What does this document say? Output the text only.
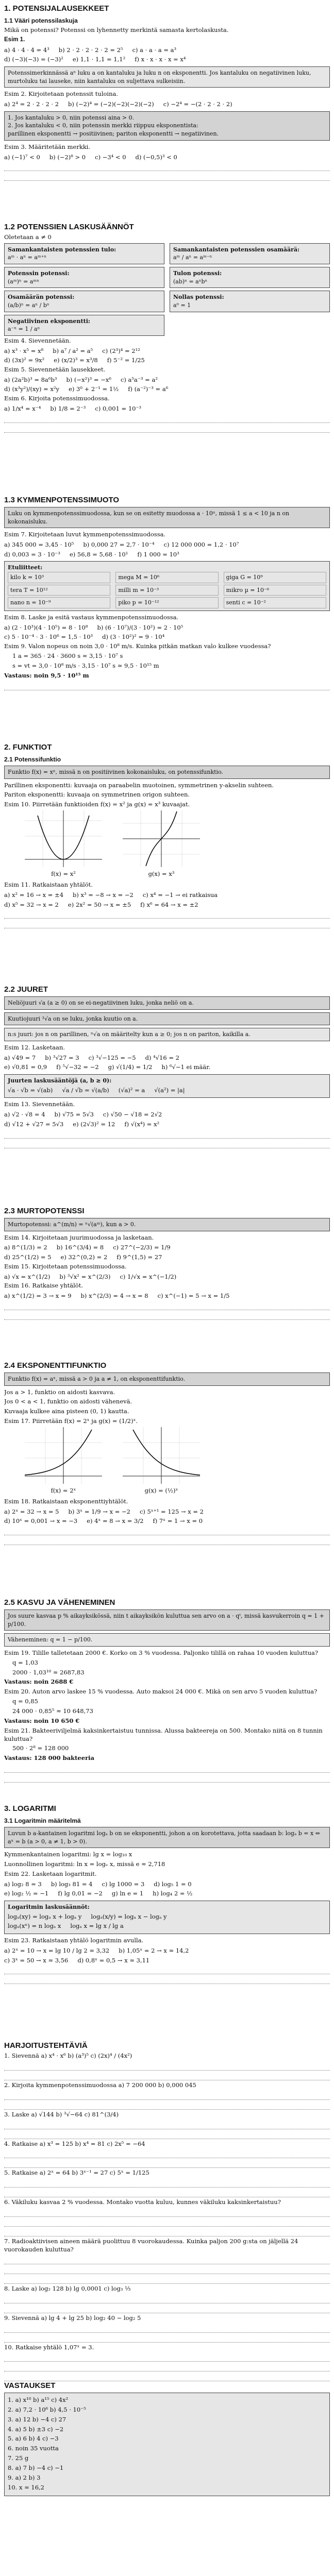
1. POTENSIJALAUSEKKEET
1.1 Vääri potenssilaskuja
Mikä on potenssi? Potenssi on lyhennetty merkintä samasta kertolaskusta.
Esim 1.
a) 4 · 4 · 4 = 4³ b) 2 · 2 · 2 · 2 · 2 = 2⁵ c) a · a · a = a³
d) (−3)(−3) = (−3)² e) 1,1 · 1,1 = 1,1² f) x · x · x · x = x⁴
Potenssimerkinnässä aⁿ luku a on kantaluku ja luku n on eksponentti. Jos kantaluku on negatiivinen luku, murtoluku tai lauseke, niin kantaluku on suljettava sulkeisiin.
Esim 2. Kirjoitetaan potenssit tuloina.
a) 2⁴ = 2 · 2 · 2 · 2 b) (−2)⁴ = (−2)(−2)(−2)(−2) c) −2⁴ = −(2 · 2 · 2 · 2)
1. Jos kantaluku > 0, niin potenssi aina > 0.
2. Jos kantaluku < 0, niin potenssin merkki riippuu eksponentista:
parillinen eksponentti → positiivinen; pariton eksponentti → negatiivinen.
Esim 3. Määritetään merkki.
a) (−1)⁷ < 0 b) (−2)⁸ > 0 c) −3⁴ < 0 d) (−0,5)³ < 0
1.2 POTENSSIEN LASKUSÄÄNNÖT
Oletetaan a ≠ 0
Samankantaisten potenssien tulo:
aᵐ · aⁿ = aᵐ⁺ⁿ
Samankantaisten potenssien osamäärä:
aᵐ / aⁿ = aᵐ⁻ⁿ
Potenssin potenssi:
(aᵐ)ⁿ = aᵐⁿ
Tulon potenssi:
(ab)ⁿ = aⁿbⁿ
Osamäärän potenssi:
(a/b)ⁿ = aⁿ / bⁿ
Nollas potenssi:
a⁰ = 1
Negatiivinen eksponentti:
a⁻ⁿ = 1 / aⁿ
Esim 4. Sievennetään.
a) x³ · x⁵ = x⁸ b) a⁷ / a² = a⁵ c) (2³)⁴ = 2¹²
d) (3x)² = 9x² e) (x/2)³ = x³/8 f) 5⁻² = 1/25
Esim 5. Sievennetään lausekkeet.
a) (2a²b)³ = 8a⁶b³ b) (−x²)³ = −x⁶ c) a⁵a⁻³ = a²
d) (x³y²)/(xy) = x²y e) 3⁰ + 2⁻¹ = 1½ f) (a⁻²)⁻³ = a⁶
Esim 6. Kirjoita potenssimuodossa.
a) 1/x⁴ = x⁻⁴ b) 1/8 = 2⁻³ c) 0,001 = 10⁻³
1.3 KYMMENPOTENSSIMUOTO
Luku on kymmenpotenssimuodossa, kun se on esitetty muodossa a · 10ⁿ, missä 1 ≤ a < 10 ja n on kokonaisluku.
Esim 7. Kirjoitetaan luvut kymmenpotenssimuodossa.
a) 345 000 = 3,45 · 10⁵ b) 0,000 27 = 2,7 · 10⁻⁴ c) 12 000 000 = 1,2 · 10⁷
d) 0,003 = 3 · 10⁻³ e) 56,8 = 5,68 · 10¹ f) 1 000 = 10³
Etuliitteet:
kilo k = 10³	mega M = 10⁶	giga G = 10⁹
tera T = 10¹²	milli m = 10⁻³	mikro µ = 10⁻⁶
nano n = 10⁻⁹	piko p = 10⁻¹²	senti c = 10⁻²
Esim 8. Laske ja esitä vastaus kymmenpotenssimuodossa.
a) (2 · 10³)(4 · 10⁵) = 8 · 10⁸ b) (6 · 10⁷)/(3 · 10²) = 2 · 10⁵
c) 5 · 10⁻⁴ · 3 · 10⁶ = 1,5 · 10³ d) (3 · 10²)² = 9 · 10⁴
Esim 9. Valon nopeus on noin 3,0 · 10⁸ m/s. Kuinka pitkän matkan valo kulkee vuodessa?
1 a = 365 · 24 · 3600 s ≈ 3,15 · 10⁷ s
s = vt = 3,0 · 10⁸ m/s · 3,15 · 10⁷ s ≈ 9,5 · 10¹⁵ m
Vastaus: noin 9,5 · 10¹⁵ m
2. FUNKTIOT
2.1 Potenssifunktio
Funktio f(x) = xⁿ, missä n on positiivinen kokonaisluku, on potenssifunktio.
Parillinen eksponentti: kuvaaja on paraabelin muotoinen, symmetrinen y-akselin suhteen.
Pariton eksponentti: kuvaaja on symmetrinen origon suhteen.
Esim 10. Piirretään funktioiden f(x) = x² ja g(x) = x³ kuvaajat.
f(x) = x²	g(x) = x³
Esim 11. Ratkaistaan yhtälöt.
a) x² = 16 → x = ±4 b) x³ = −8 → x = −2 c) x⁴ = −1 → ei ratkaisua
d) x⁵ = 32 → x = 2 e) 2x² = 50 → x = ±5 f) x⁶ = 64 → x = ±2
2.2 JUURET
Neliöjuuri √a (a ≥ 0) on se ei-negatiivinen luku, jonka neliö on a.
Kuutiojuuri ³√a on se luku, jonka kuutio on a.
n:s juuri: jos n on parillinen, ⁿ√a on määritelty kun a ≥ 0; jos n on pariton, kaikilla a.
Esim 12. Lasketaan.
a) √49 = 7 b) ³√27 = 3 c) ³√−125 = −5 d) ⁴√16 = 2
e) √0,81 = 0,9 f) ⁵√−32 = −2 g) √(1/4) = 1/2 h) ⁶√−1 ei määr.
Juurten laskusääntöjä (a, b ≥ 0):
√a · √b = √(ab) √a / √b = √(a/b) (√a)² = a √(a²) = |a|
Esim 13. Sievennetään.
a) √2 · √8 = 4 b) √75 = 5√3 c) √50 − √18 = 2√2
d) √12 + √27 = 5√3 e) (2√3)² = 12 f) √(x⁴) = x²
2.3 MURTOPOTENSSI
Murtopotenssi: a^(m/n) = ⁿ√(aᵐ), kun a > 0.
Esim 14. Kirjoitetaan juurimuodossa ja lasketaan.
a) 8^(1/3) = 2 b) 16^(3/4) = 8 c) 27^(−2/3) = 1/9
d) 25^(1/2) = 5 e) 32^(0,2) = 2 f) 9^(1,5) = 27
Esim 15. Kirjoitetaan potenssimuodossa.
a) √x = x^(1/2) b) ³√x² = x^(2/3) c) 1/√x = x^(−1/2)
Esim 16. Ratkaise yhtälöt.
a) x^(1/2) = 3 → x = 9 b) x^(2/3) = 4 → x = 8 c) x^(−1) = 5 → x = 1/5
2.4 EKSPONENTTIFUNKTIO
Funktio f(x) = aˣ, missä a > 0 ja a ≠ 1, on eksponenttifunktio.
Jos a > 1, funktio on aidosti kasvava.
Jos 0 < a < 1, funktio on aidosti vähenevä.
Kuvaaja kulkee aina pisteen (0, 1) kautta.
Esim 17. Piirretään f(x) = 2ˣ ja g(x) = (1/2)ˣ.
f(x) = 2ˣ	g(x) = (½)ˣ
Esim 18. Ratkaistaan eksponenttiyhtälöt.
a) 2ˣ = 32 → x = 5 b) 3ˣ = 1/9 → x = −2 c) 5ˣ⁺¹ = 125 → x = 2
d) 10ˣ = 0,001 → x = −3 e) 4ˣ = 8 → x = 3/2 f) 7ˣ = 1 → x = 0
2.5 KASVU JA VÄHENEMINEN
Jos suure kasvaa p % aikayksikössä, niin t aikayksikön kuluttua sen arvo on a · qᵗ, missä kasvukerroin q = 1 + p/100.
Väheneminen: q = 1 − p/100.
Esim 19. Tilille talletetaan 2000 €. Korko on 3 % vuodessa. Paljonko tilillä on rahaa 10 vuoden kuluttua?
q = 1,03
2000 · 1,03¹⁰ ≈ 2687,83
Vastaus: noin 2688 €
Esim 20. Auton arvo laskee 15 % vuodessa. Auto maksoi 24 000 €. Mikä on sen arvo 5 vuoden kuluttua?
q = 0,85
24 000 · 0,85⁵ ≈ 10 648,73
Vastaus: noin 10 650 €
Esim 21. Bakteeriviljelmä kaksinkertaistuu tunnissa. Alussa bakteereja on 500. Montako niitä on 8 tunnin kuluttua?
500 · 2⁸ = 128 000
Vastaus: 128 000 bakteeria
3. LOGARITMI
3.1 Logaritmin määritelmä
Luvun b a-kantainen logaritmi logₐ b on se eksponentti, johon a on korotettava, jotta saadaan b: logₐ b = x ⇔ aˣ = b (a > 0, a ≠ 1, b > 0).
Kymmenkantainen logaritmi: lg x = log₁₀ x
Luonnollinen logaritmi: ln x = logₑ x, missä e ≈ 2,718
Esim 22. Lasketaan logaritmit.
a) log₂ 8 = 3 b) log₃ 81 = 4 c) lg 1000 = 3 d) log₅ 1 = 0
e) log₂ ½ = −1 f) lg 0,01 = −2 g) ln e = 1 h) log₄ 2 = ½
Logaritmin laskusäännöt:
logₐ(xy) = logₐ x + logₐ y logₐ(x/y) = logₐ x − logₐ y
logₐ(xⁿ) = n logₐ x logₐ x = lg x / lg a
Esim 23. Ratkaistaan yhtälö logaritmin avulla.
a) 2ˣ = 10 → x = lg 10 / lg 2 ≈ 3,32 b) 1,05ˣ = 2 → x ≈ 14,2
c) 3ˣ = 50 → x ≈ 3,56 d) 0,8ˣ = 0,5 → x ≈ 3,11
HARJOITUSTEHTÄVIÄ
1. Sievennä a) x⁴ · x⁶ b) (a³)⁵ c) (2x)⁴ / (4x²)
2. Kirjoita kymmenpotenssimuodossa a) 7 200 000 b) 0,000 045
3. Laske a) √144 b) ³√−64 c) 81^(3/4)
4. Ratkaise a) x³ = 125 b) x⁴ = 81 c) 2x⁵ = −64
5. Ratkaise a) 2ˣ = 64 b) 3ˣ⁻¹ = 27 c) 5ˣ = 1/125
6. Väkiluku kasvaa 2 % vuodessa. Montako vuotta kuluu, kunnes väkiluku kaksinkertaistuu?
7. Radioaktiivisen aineen määrä puolittuu 8 vuorokaudessa. Kuinka paljon 200 g:sta on jäljellä 24 vuorokauden kuluttua?
8. Laske a) log₂ 128 b) lg 0,0001 c) log₃ ⅓
9. Sievennä a) lg 4 + lg 25 b) log₂ 40 − log₂ 5
10. Ratkaise yhtälö 1,07ˣ = 3.
VASTAUKSET
1. a) x¹⁰ b) a¹⁵ c) 4x²
2. a) 7,2 · 10⁶ b) 4,5 · 10⁻⁵
3. a) 12 b) −4 c) 27
4. a) 5 b) ±3 c) −2
5. a) 6 b) 4 c) −3
6. noin 35 vuotta
7. 25 g
8. a) 7 b) −4 c) −1
9. a) 2 b) 3
10. x ≈ 16,2
